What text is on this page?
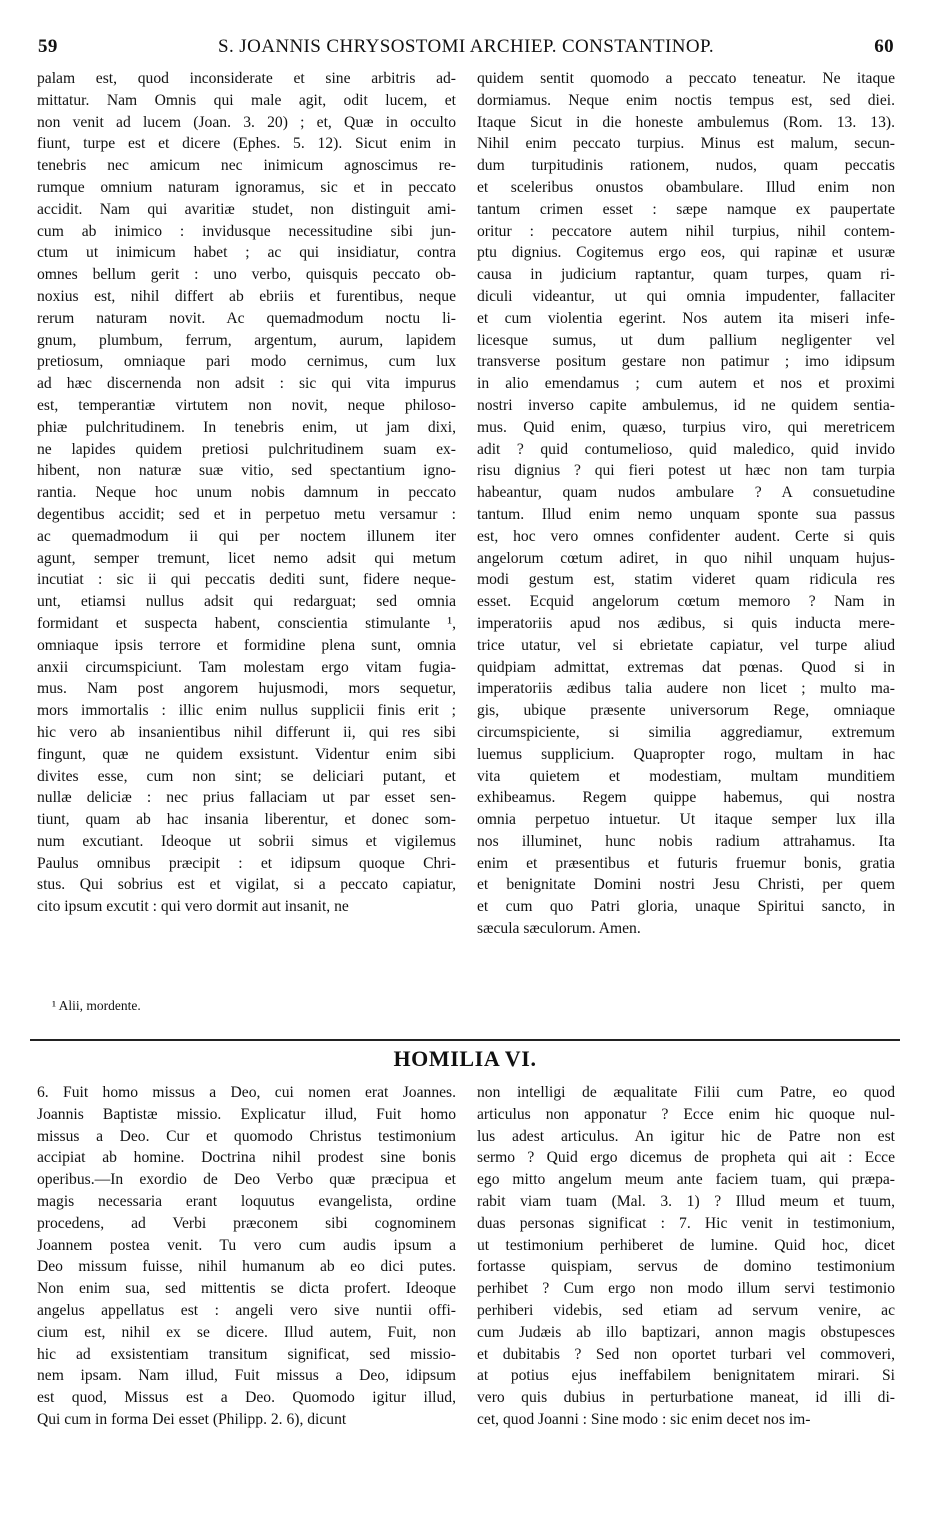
59	S. JOANNIS CHRYSOSTOMI ARCHIEP. CONSTANTINOP.	60
palam est, quod inconsiderate et sine arbitris ad-
mittatur. Nam Omnis qui male agit, odit lucem, et
non venit ad lucem (Joan. 3. 20) ; et, Quæ in occulto
fiunt, turpe est et dicere (Ephes. 5. 12). Sicut enim in
tenebris nec amicum nec inimicum agnoscimus re-
rumque omnium naturam ignoramus, sic et in peccato
accidit. Nam qui avaritiæ studet, non distinguit ami-
cum ab inimico : invidusque necessitudine sibi jun-
ctum ut inimicum habet ; ac qui insidiatur, contra
omnes bellum gerit : uno verbo, quisquis peccato ob-
noxius est, nihil differt ab ebriis et furentibus, neque
rerum naturam novit. Ac quemadmodum noctu li-
gnum, plumbum, ferrum, argentum, aurum, lapidem
pretiosum, omniaque pari modo cernimus, cum lux
ad hæc discernenda non adsit : sic qui vita impurus
est, temperantiæ virtutem non novit, neque philoso-
phiæ pulchritudinem. In tenebris enim, ut jam dixi,
ne lapides quidem pretiosi pulchritudinem suam ex-
hibent, non naturæ suæ vitio, sed spectantium igno-
rantia. Neque hoc unum nobis damnum in peccato
degentibus accidit; sed et in perpetuo metu versamur :
ac quemadmodum ii qui per noctem illunem iter
agunt, semper tremunt, licet nemo adsit qui metum
incutiat : sic ii qui peccatis dediti sunt, fidere neque-
unt, etiamsi nullus adsit qui redarguat; sed omnia
formidant et suspecta habent, conscientia stimulante ¹,
omniaque ipsis terrore et formidine plena sunt, omnia
anxii circumspiciunt. Tam molestam ergo vitam fugia-
mus. Nam post angorem hujusmodi, mors sequetur,
mors immortalis : illic enim nullus supplicii finis erit ;
hic vero ab insanientibus nihil differunt ii, qui res sibi
fingunt, quæ ne quidem exsistunt. Videntur enim sibi
divites esse, cum non sint; se deliciari putant, et
nullæ deliciæ : nec prius fallaciam ut par esset sen-
tiunt, quam ab hac insania liberentur, et donec som-
num excutiant. Ideoque ut sobrii simus et vigilemus
Paulus omnibus præcipit : et idipsum quoque Chri-
stus. Qui sobrius est et vigilat, si a peccato capiatur,
cito ipsum excutit : qui vero dormit aut insanit, ne
quidem sentit quomodo a peccato teneatur. Ne itaque
dormiamus. Neque enim noctis tempus est, sed diei.
Itaque Sicut in die honeste ambulemus (Rom. 13. 13).
Nihil enim peccato turpius. Minus est malum, secun-
dum turpitudinis rationem, nudos, quam peccatis
et sceleribus onustos obambulare. Illud enim non
tantum crimen esset : sæpe namque ex paupertate
oritur : peccatore autem nihil turpius, nihil contem-
ptu dignius. Cogitemus ergo eos, qui rapinæ et usuræ
causa in judicium raptantur, quam turpes, quam ri-
diculi videantur, ut qui omnia impudenter, fallaciter
et cum violentia egerint. Nos autem ita miseri infe-
licesque sumus, ut dum pallium negligenter vel
transverse positum gestare non patimur ; imo idipsum
in alio emendamus ; cum autem et nos et proximi
nostri inverso capite ambulemus, id ne quidem sentia-
mus. Quid enim, quæso, turpius viro, qui meretricem
adit ? quid contumelioso, quid maledico, quid invido
risu dignius ? qui fieri potest ut hæc non tam turpia
habeantur, quam nudos ambulare ? A consuetudine
tantum. Illud enim nemo unquam sponte sua passus
est, hoc vero omnes confidenter audent. Certe si quis
angelorum cœtum adiret, in quo nihil unquam hujus-
modi gestum est, statim videret quam ridicula res
esset. Ecquid angelorum cœtum memoro ? Nam in
imperatoriis apud nos ædibus, si quis inducta mere-
trice utatur, vel si ebrietate capiatur, vel turpe aliud
quidpiam admittat, extremas dat pœnas. Quod si in
imperatoriis ædibus talia audere non licet ; multo ma-
gis, ubique præsente universorum Rege, omniaque
circumspiciente, si similia aggrediamur, extremum
luemus supplicium. Quapropter rogo, multam in hac
vita quietem et modestiam, multam munditiem
exhibeamus. Regem quippe habemus, qui nostra
omnia perpetuo intuetur. Ut itaque semper lux illa
nos illuminet, hunc nobis radium attrahamus. Ita
enim et præsentibus et futuris fruemur bonis, gratia
et benignitate Domini nostri Jesu Christi, per quem
et cum quo Patri gloria, unaque Spiritui sancto, in
sæcula sæculorum. Amen.
¹ Alii, mordente.
HOMILIA VI.
6. Fuit homo missus a Deo, cui nomen erat Joannes.
Joannis Baptistæ missio. Explicatur illud, Fuit homo
missus a Deo. Cur et quomodo Christus testimonium
accipiat ab homine. Doctrina nihil prodest sine bonis
operibus.—In exordio de Deo Verbo quæ præcipua et
magis necessaria erant loquutus evangelista, ordine
procedens, ad Verbi præconem sibi cognominem
Joannem postea venit. Tu vero cum audis ipsum a
Deo missum fuisse, nihil humanum ab eo dici putes.
Non enim sua, sed mittentis se dicta profert. Ideoque
angelus appellatus est : angeli vero sive nuntii offi-
cium est, nihil ex se dicere. Illud autem, Fuit, non
hic ad exsistentiam transitum significat, sed missio-
nem ipsam. Nam illud, Fuit missus a Deo, idipsum
est quod, Missus est a Deo. Quomodo igitur illud,
Qui cum in forma Dei esset (Philipp. 2. 6), dicunt
non intelligi de æqualitate Filii cum Patre, eo quod
articulus non apponatur ? Ecce enim hic quoque nul-
lus adest articulus. An igitur hic de Patre non est
sermo ? Quid ergo dicemus de propheta qui ait : Ecce
ego mitto angelum meum ante faciem tuam, qui præpa-
rabit viam tuam (Mal. 3. 1) ? Illud meum et tuum,
duas personas significat : 7. Hic venit in testimonium,
ut testimonium perhiberet de lumine. Quid hoc, dicet
fortasse quispiam, servus de domino testimonium
perhibet ? Cum ergo non modo illum servi testimonio
perhiberi videbis, sed etiam ad servum venire, ac
cum Judæis ab illo baptizari, annon magis obstupesces
et dubitabis ? Sed non oportet turbari vel commoveri,
at potius ejus ineffabilem benignitatem mirari. Si
vero quis dubius in perturbatione maneat, id illi di-
cet, quod Joanni : Sine modo : sic enim decet nos im-
